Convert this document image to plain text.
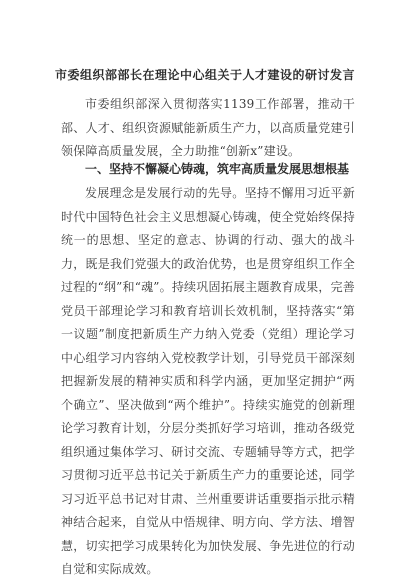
市委组织部部长在理论中心组关于人才建设的研讨发言

市委组织部深入贯彻落实1139工作部署，推动干部、人才、组织资源赋能新质生产力，以高质量党建引领保障高质量发展，全力助推“创新x”建设。

一、坚持不懈凝心铸魂，筑牢高质量发展思想根基

发展理念是发展行动的先导。坚持不懈用习近平新时代中国特色社会主义思想凝心铸魂，使全党始终保持统一的思想、坚定的意志、协调的行动、强大的战斗力，既是我们党强大的政治优势，也是贯穿组织工作全过程的“纲”和“魂”。持续巩固拓展主题教育成果，完善党员干部理论学习和教育培训长效机制，坚持落实“第一议题”制度把新质生产力纳入党委（党组）理论学习中心组学习内容纳入党校教学计划，引导党员干部深刻把握新发展的精神实质和科学内涵，更加坚定拥护“两个确立”、坚决做到“两个维护”。持续实施党的创新理论学习教育计划，分层分类抓好学习培训，推动各级党组织通过集体学习、研讨交流、专题辅导等方式，把学习贯彻习近平总书记关于新质生产力的重要论述，同学习习近平总书记对甘肃、兰州重要讲话重要指示批示精神结合起来，自觉从中悟规律、明方向、学方法、增智慧，切实把学习成果转化为加快发展、争先进位的行动自觉和实际成效。
